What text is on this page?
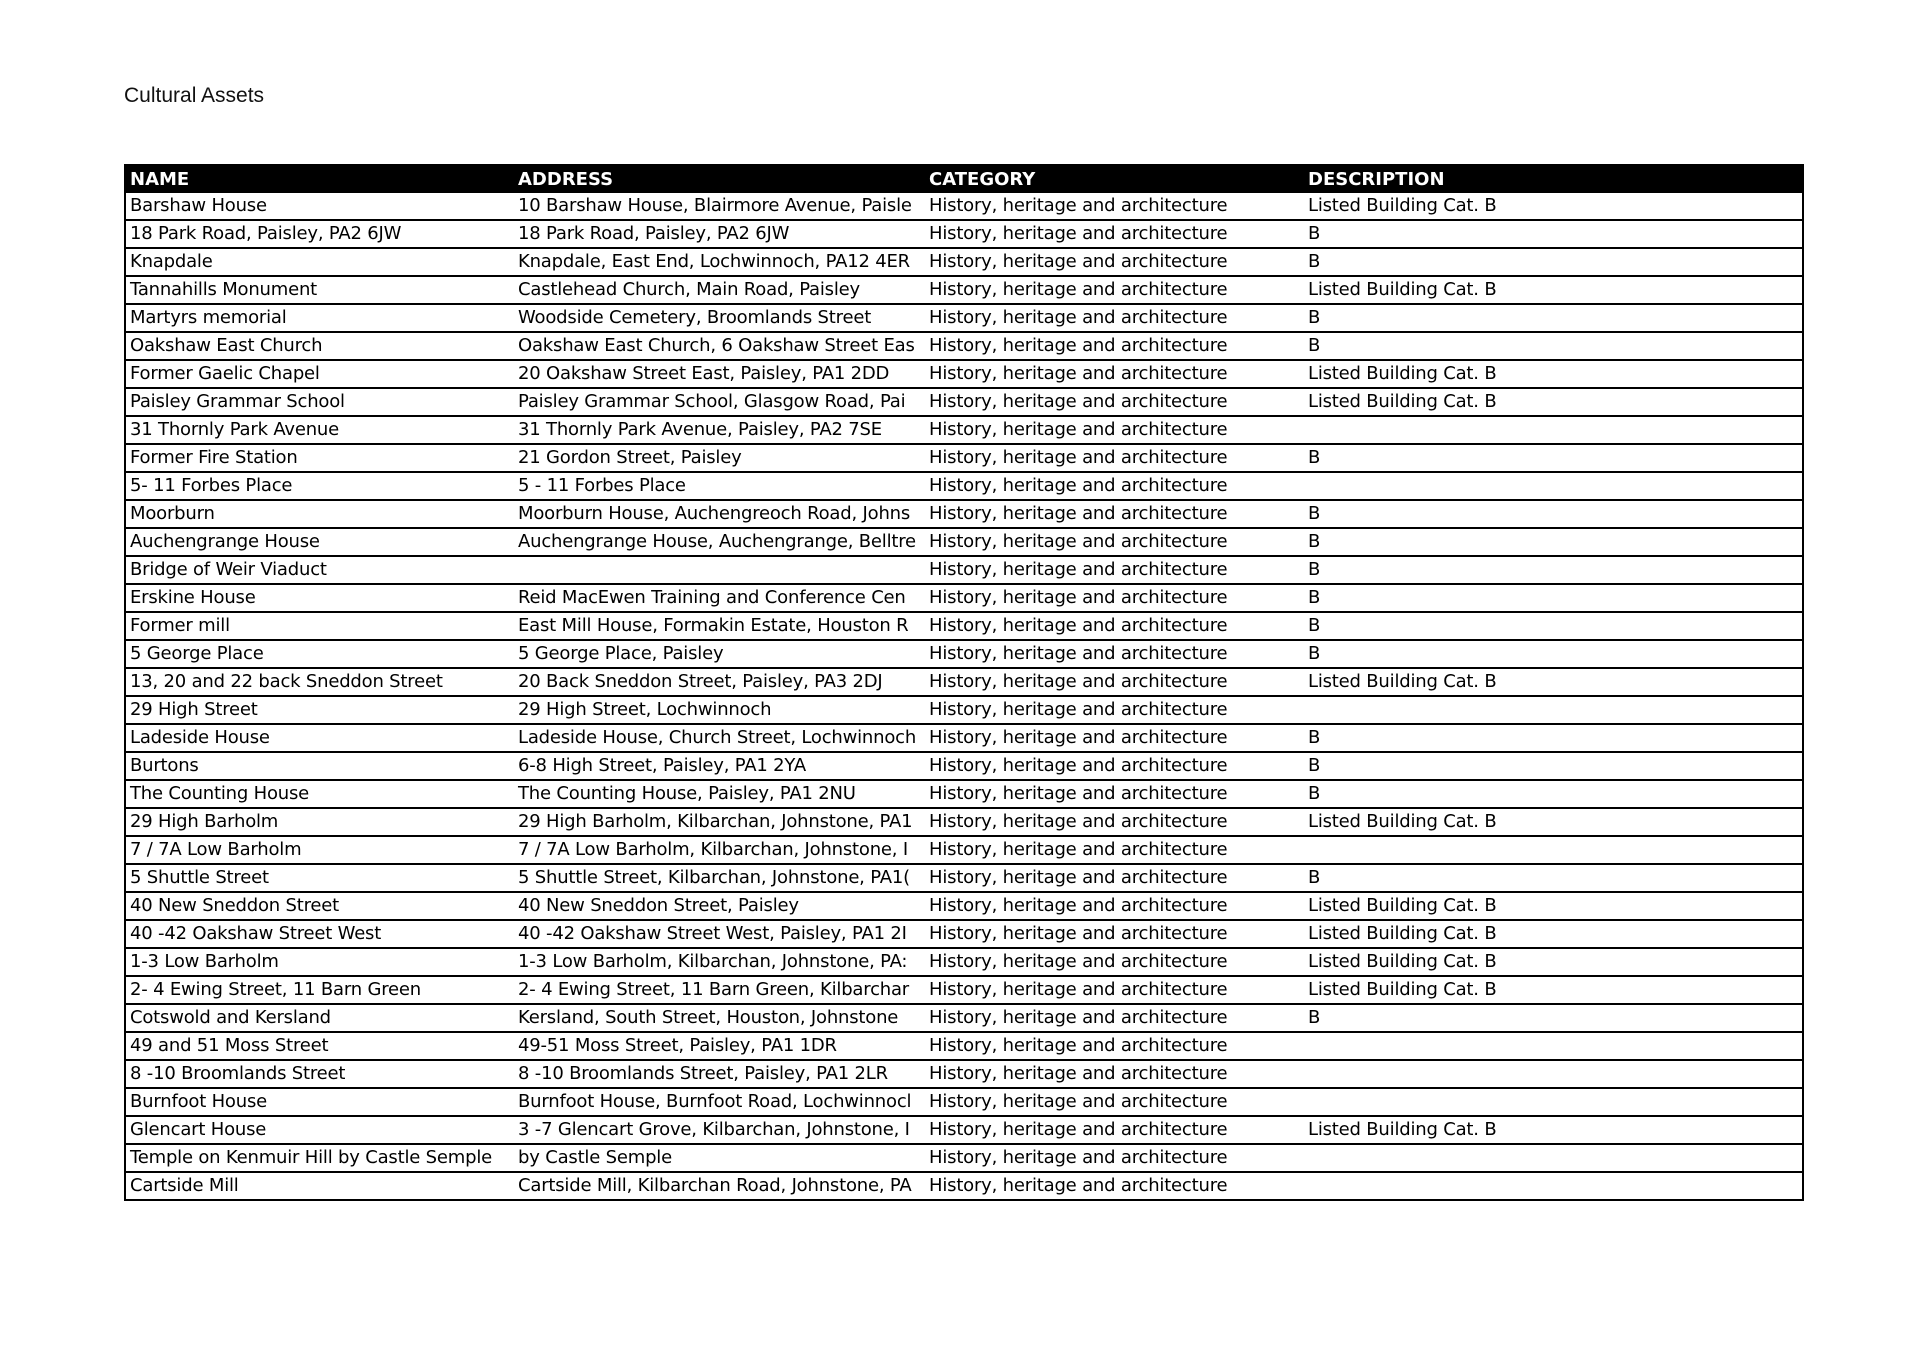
Cultural Assets
NAME	ADDRESS	CATEGORY	DESCRIPTION
Barshaw House	10 Barshaw House, Blairmore Avenue, Paisle	History, heritage and architecture	Listed Building Cat. B
18 Park Road, Paisley, PA2 6JW	18 Park Road, Paisley, PA2 6JW	History, heritage and architecture	B
Knapdale	Knapdale, East End, Lochwinnoch, PA12 4ER	History, heritage and architecture	B
Tannahills Monument	Castlehead Church, Main Road, Paisley	History, heritage and architecture	Listed Building Cat. B
Martyrs memorial	Woodside Cemetery, Broomlands Street	History, heritage and architecture	B
Oakshaw East Church	Oakshaw East Church, 6 Oakshaw Street Eas	History, heritage and architecture	B
Former Gaelic Chapel	20 Oakshaw Street East, Paisley, PA1 2DD	History, heritage and architecture	Listed Building Cat. B
Paisley Grammar School	Paisley Grammar School, Glasgow Road, Pai	History, heritage and architecture	Listed Building Cat. B
31 Thornly Park Avenue	31 Thornly Park Avenue, Paisley, PA2 7SE	History, heritage and architecture	
Former Fire Station	21 Gordon Street, Paisley	History, heritage and architecture	B
5- 11 Forbes Place	5 - 11 Forbes Place	History, heritage and architecture	
Moorburn	Moorburn House, Auchengreoch Road, Johns	History, heritage and architecture	B
Auchengrange House	Auchengrange House, Auchengrange, Belltre	History, heritage and architecture	B
Bridge of Weir Viaduct		History, heritage and architecture	B
Erskine House	Reid MacEwen Training and Conference Cen	History, heritage and architecture	B
Former mill	East Mill House, Formakin Estate, Houston R	History, heritage and architecture	B
5 George Place	5 George Place, Paisley	History, heritage and architecture	B
13, 20 and 22 back Sneddon Street	20 Back Sneddon Street, Paisley, PA3 2DJ	History, heritage and architecture	Listed Building Cat. B
29 High Street	29 High Street, Lochwinnoch	History, heritage and architecture	
Ladeside House	Ladeside House, Church Street, Lochwinnoch	History, heritage and architecture	B
Burtons	6-8 High Street, Paisley, PA1 2YA	History, heritage and architecture	B
The Counting House	The Counting House, Paisley, PA1 2NU	History, heritage and architecture	B
29 High Barholm	29 High Barholm, Kilbarchan, Johnstone, PA1	History, heritage and architecture	Listed Building Cat. B
7 / 7A Low Barholm	7 / 7A Low Barholm, Kilbarchan, Johnstone, I	History, heritage and architecture	
5 Shuttle Street	5 Shuttle Street, Kilbarchan, Johnstone, PA1(	History, heritage and architecture	B
40 New Sneddon Street	40 New Sneddon Street, Paisley	History, heritage and architecture	Listed Building Cat. B
40 -42 Oakshaw Street West	40 -42 Oakshaw Street West, Paisley, PA1 2I	History, heritage and architecture	Listed Building Cat. B
1-3 Low Barholm	1-3 Low Barholm, Kilbarchan, Johnstone, PA:	History, heritage and architecture	Listed Building Cat. B
2- 4 Ewing Street, 11 Barn Green	2- 4 Ewing Street, 11 Barn Green, Kilbarchar	History, heritage and architecture	Listed Building Cat. B
Cotswold and Kersland	Kersland, South Street, Houston, Johnstone	History, heritage and architecture	B
49 and 51 Moss Street	49-51 Moss Street, Paisley, PA1 1DR	History, heritage and architecture	
8 -10 Broomlands Street	8 -10 Broomlands Street, Paisley, PA1 2LR	History, heritage and architecture	
Burnfoot House	Burnfoot House, Burnfoot Road, Lochwinnocl	History, heritage and architecture	
Glencart House	3 -7 Glencart Grove, Kilbarchan, Johnstone, I	History, heritage and architecture	Listed Building Cat. B
Temple on Kenmuir Hill by Castle Semple	by Castle Semple	History, heritage and architecture	
Cartside Mill	Cartside Mill, Kilbarchan Road, Johnstone, PA	History, heritage and architecture	
